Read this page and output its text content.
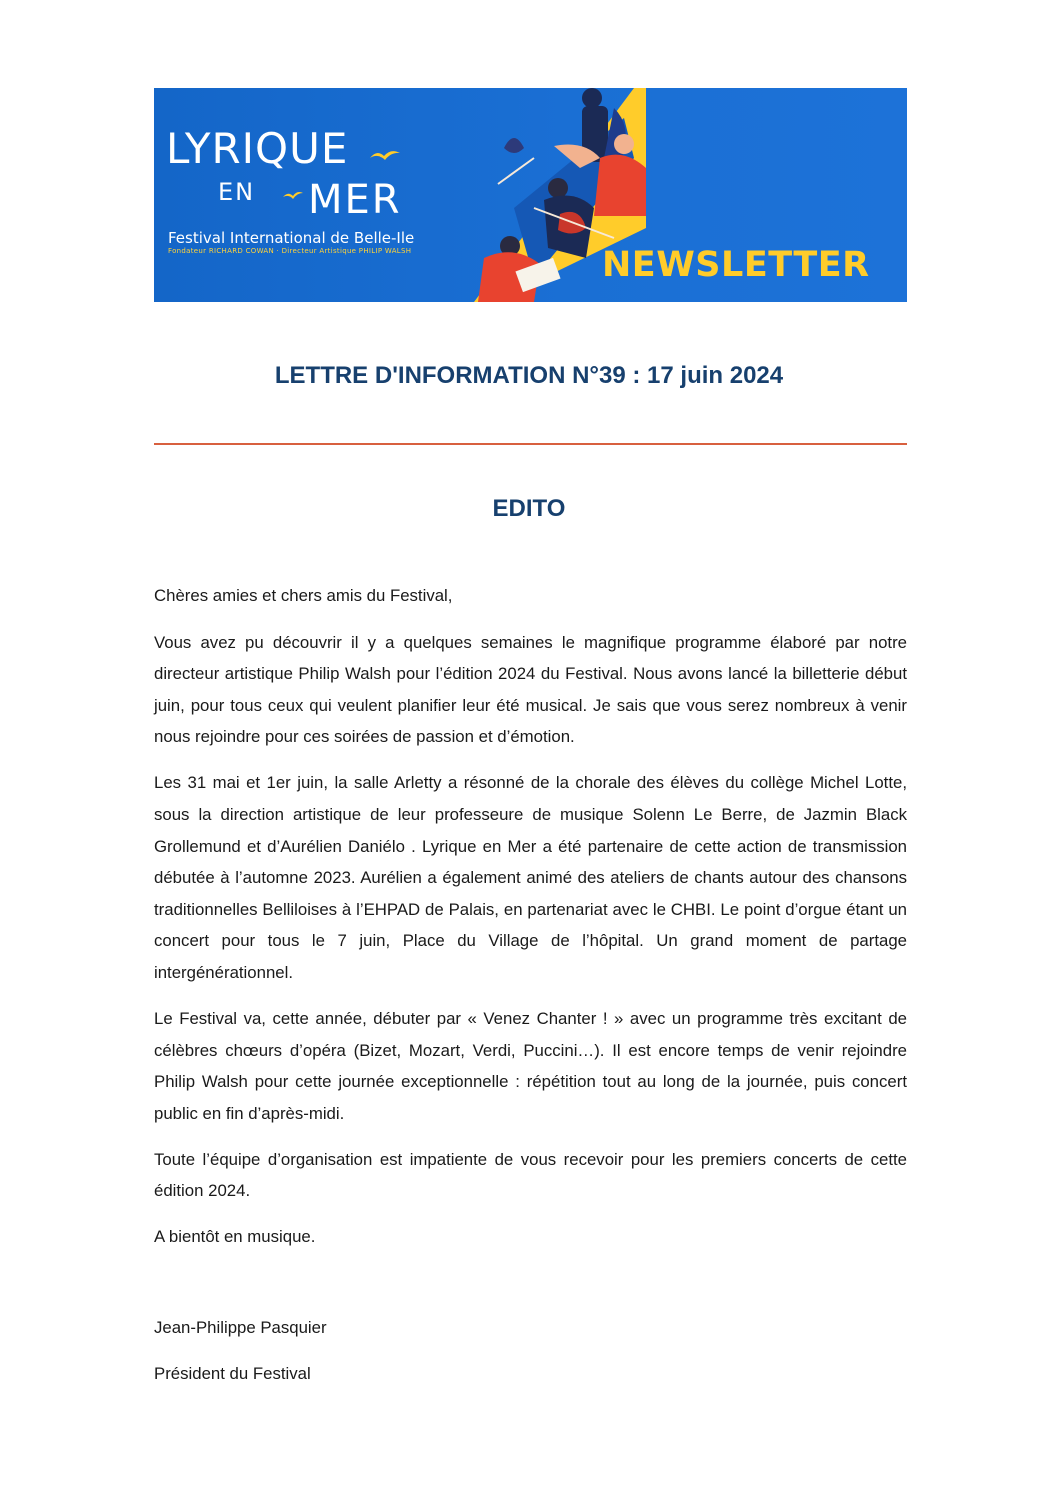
LYRIQUE
EN MER
Festival International de Belle-Ile
Fondateur RICHARD COWAN · Directeur Artistique PHILIP WALSH	NEWSLETTER
LETTRE D'INFORMATION N°39 : 17 juin 2024
EDITO

Chères amies et chers amis du Festival,

Vous avez pu découvrir il y a quelques semaines le magnifique programme élaboré par notre directeur artistique Philip Walsh pour l’édition 2024 du Festival. Nous avons lancé la billetterie début juin, pour tous ceux qui veulent planifier leur été musical. Je sais que vous serez nombreux à venir nous rejoindre pour ces soirées de passion et d’émotion.

Les 31 mai et 1er juin, la salle Arletty a résonné de la chorale des élèves du collège Michel Lotte, sous la direction artistique de leur professeure de musique Solenn Le Berre, de Jazmin Black Grollemund et d’Aurélien Daniélo . Lyrique en Mer a été partenaire de cette action de transmission débutée à l’automne 2023. Aurélien a également animé des ateliers de chants autour des chansons traditionnelles Belliloises à l’EHPAD de Palais, en partenariat avec le CHBI. Le point d’orgue étant un concert pour tous le 7 juin, Place du Village de l’hôpital. Un grand moment de partage intergénérationnel.

Le Festival va, cette année, débuter par « Venez Chanter ! » avec un programme très excitant de célèbres chœurs d’opéra (Bizet, Mozart, Verdi, Puccini…). Il est encore temps de venir rejoindre Philip Walsh pour cette journée exceptionnelle : répétition tout au long de la journée, puis concert public en fin d’après-midi.

Toute l’équipe d’organisation est impatiente de vous recevoir pour les premiers concerts de cette édition 2024.

A bientôt en musique.

Jean-Philippe Pasquier
Président du Festival
